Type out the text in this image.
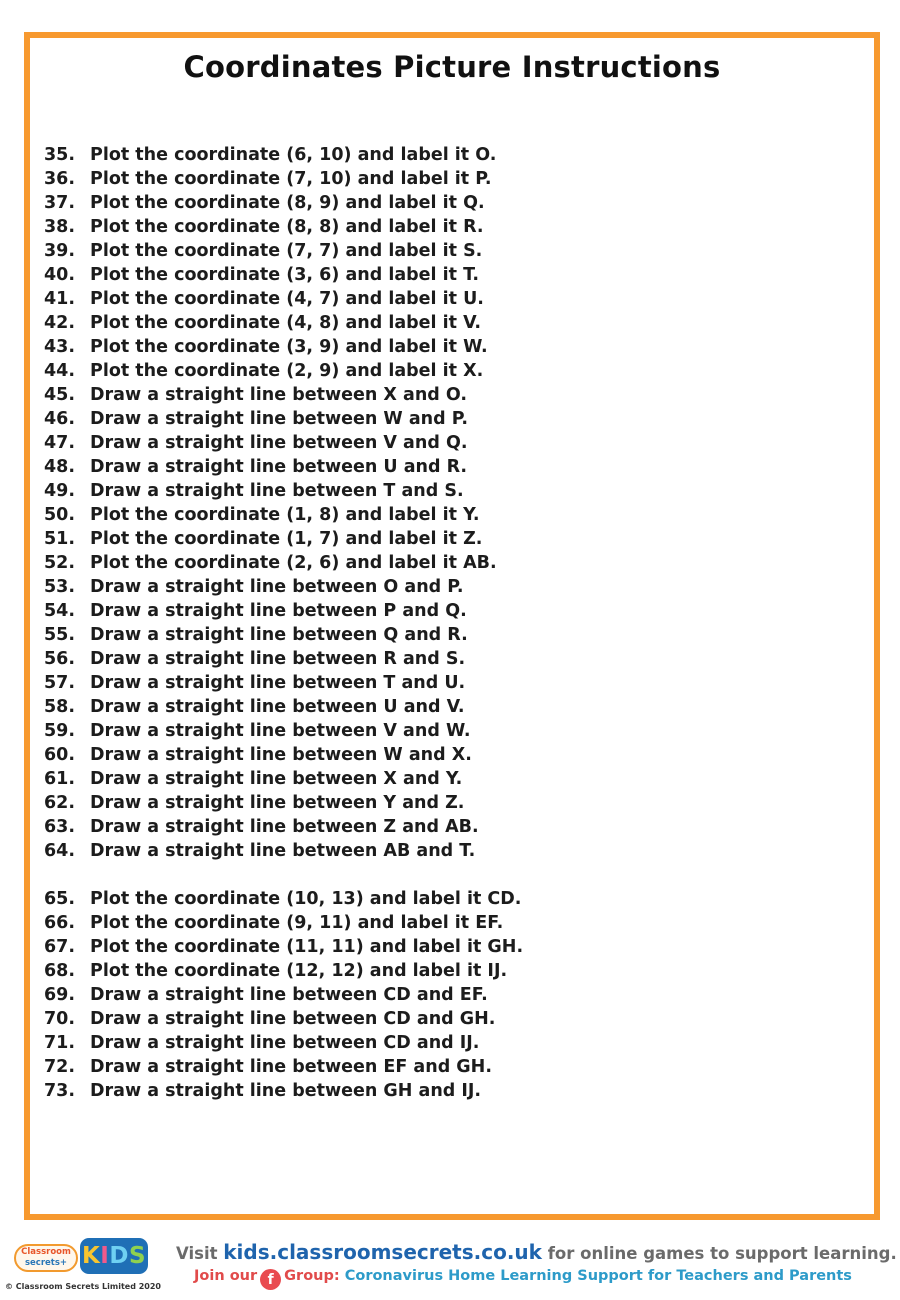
Coordinates Picture Instructions
35. Plot the coordinate (6, 10) and label it O.
36. Plot the coordinate (7, 10) and label it P.
37. Plot the coordinate (8, 9) and label it Q.
38. Plot the coordinate (8, 8) and label it R.
39. Plot the coordinate (7, 7) and label it S.
40. Plot the coordinate (3, 6) and label it T.
41. Plot the coordinate (4, 7) and label it U.
42. Plot the coordinate (4, 8) and label it V.
43. Plot the coordinate (3, 9) and label it W.
44. Plot the coordinate (2, 9) and label it X.
45. Draw a straight line between X and O.
46. Draw a straight line between W and P.
47. Draw a straight line between V and Q.
48. Draw a straight line between U and R.
49. Draw a straight line between T and S.
50. Plot the coordinate (1, 8) and label it Y.
51. Plot the coordinate (1, 7) and label it Z.
52. Plot the coordinate (2, 6) and label it AB.
53. Draw a straight line between O and P.
54. Draw a straight line between P and Q.
55. Draw a straight line between Q and R.
56. Draw a straight line between R and S.
57. Draw a straight line between T and U.
58. Draw a straight line between U and V.
59. Draw a straight line between V and W.
60. Draw a straight line between W and X.
61. Draw a straight line between X and Y.
62. Draw a straight line between Y and Z.
63. Draw a straight line between Z and AB.
64. Draw a straight line between AB and T.
65. Plot the coordinate (10, 13) and label it CD.
66. Plot the coordinate (9, 11) and label it EF.
67. Plot the coordinate (11, 11) and label it GH.
68. Plot the coordinate (12, 12) and label it IJ.
69. Draw a straight line between CD and EF.
70. Draw a straight line between CD and GH.
71. Draw a straight line between CD and IJ.
72. Draw a straight line between EF and GH.
73. Draw a straight line between GH and IJ.
Classroom
secrets+ KIDS
© Classroom Secrets Limited 2020
Visit kids.classroomsecrets.co.uk for online games to support learning.
Join our f Group: Coronavirus Home Learning Support for Teachers and Parents
